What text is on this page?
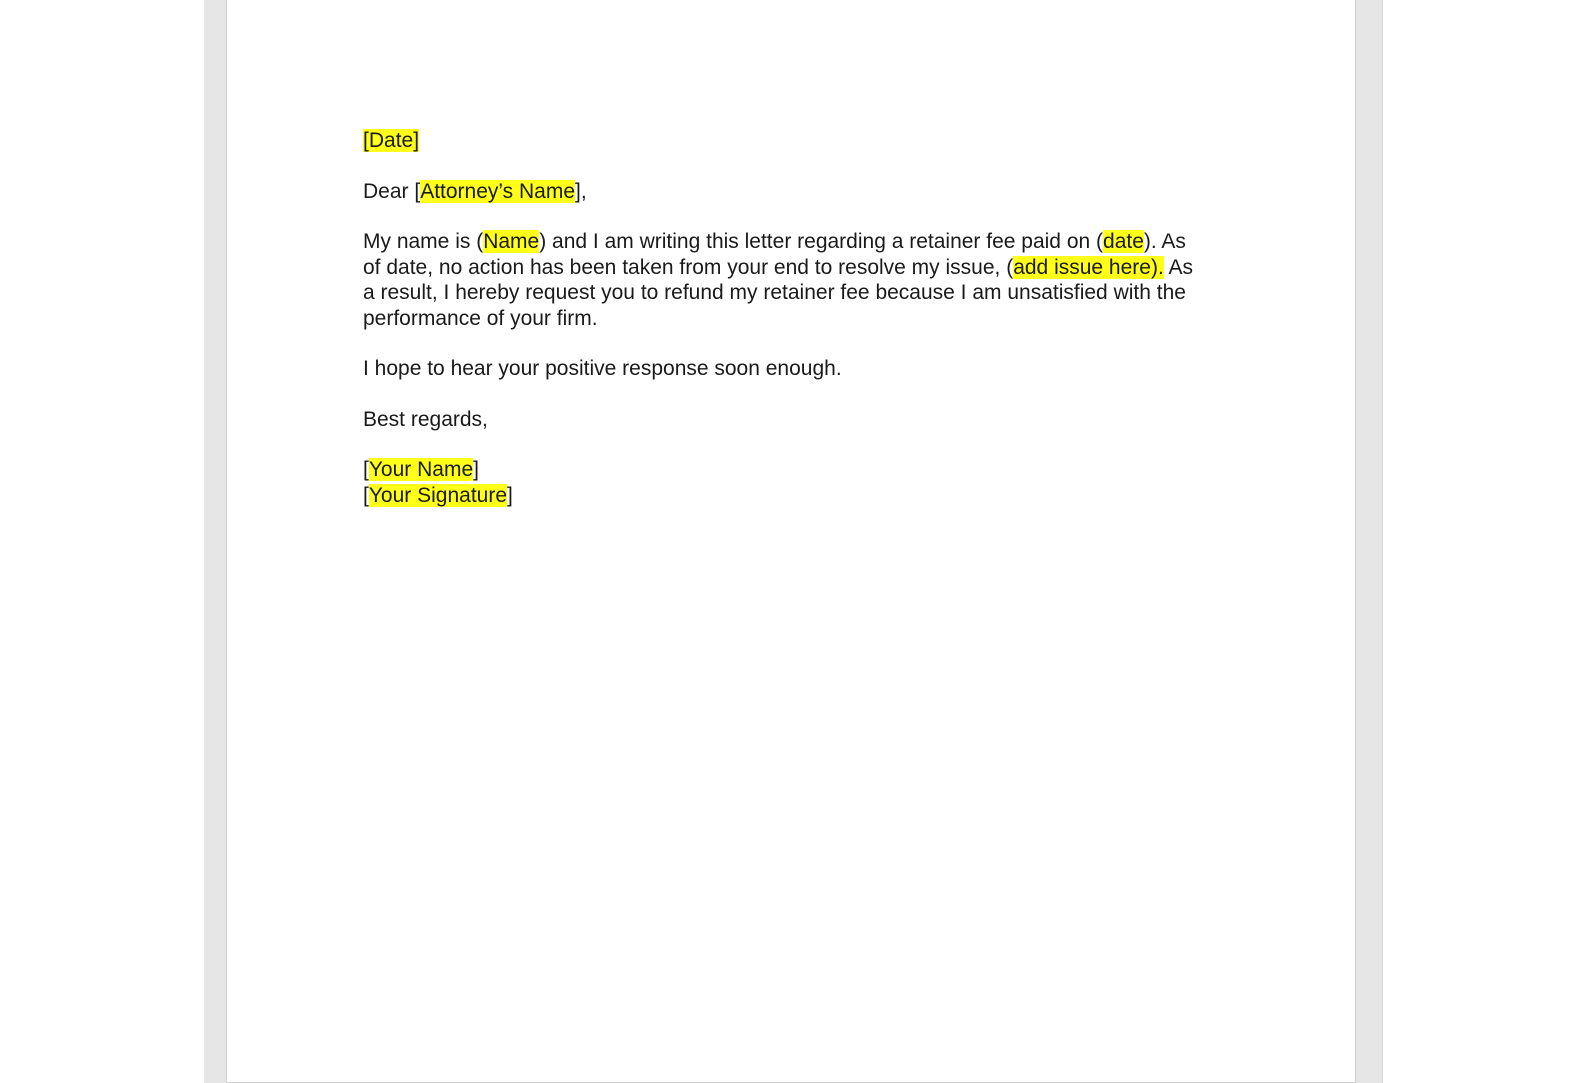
[Date]

Dear [Attorney’s Name],

My name is (Name) and I am writing this letter regarding a retainer fee paid on (date). As of date, no action has been taken from your end to resolve my issue, (add issue here). As a result, I hereby request you to refund my retainer fee because I am unsatisfied with the performance of your firm.

I hope to hear your positive response soon enough.

Best regards,

[Your Name]

[Your Signature]
